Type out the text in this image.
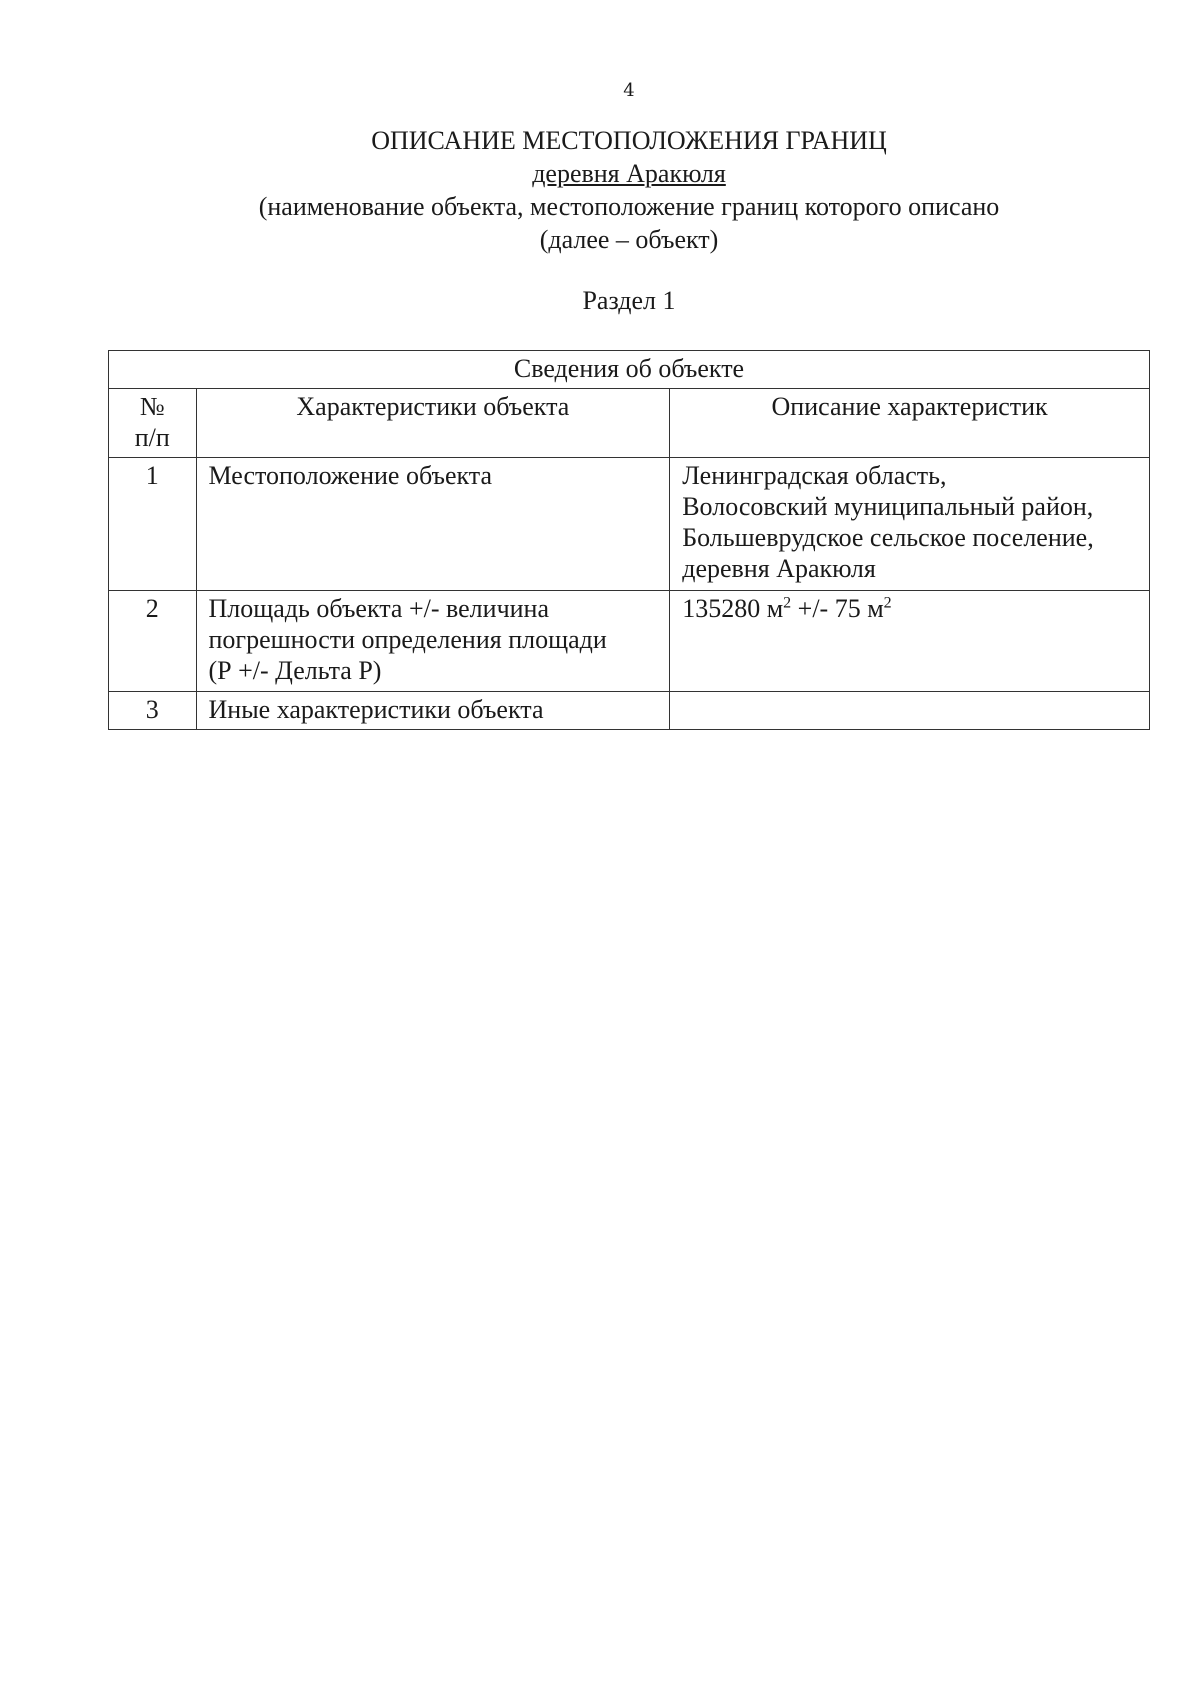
4
ОПИСАНИЕ МЕСТОПОЛОЖЕНИЯ ГРАНИЦ
деревня Аракюля
(наименование объекта, местоположение границ которого описано
(далее – объект)
Раздел 1
Сведения об объекте		

№
п/п	Характеристики объекта	Описание характеристик
1	Местоположение объекта	Ленинградская область,
Волосовский муниципальный район,
Большеврудское сельское поселение,
деревня Аракюля

2	Площадь объекта +/- величина
погрешности определения площади
(Р +/- Дельта Р)	135280 $м^2$ +/- 75 $м^2$
3	Иные характеристики объекта	
